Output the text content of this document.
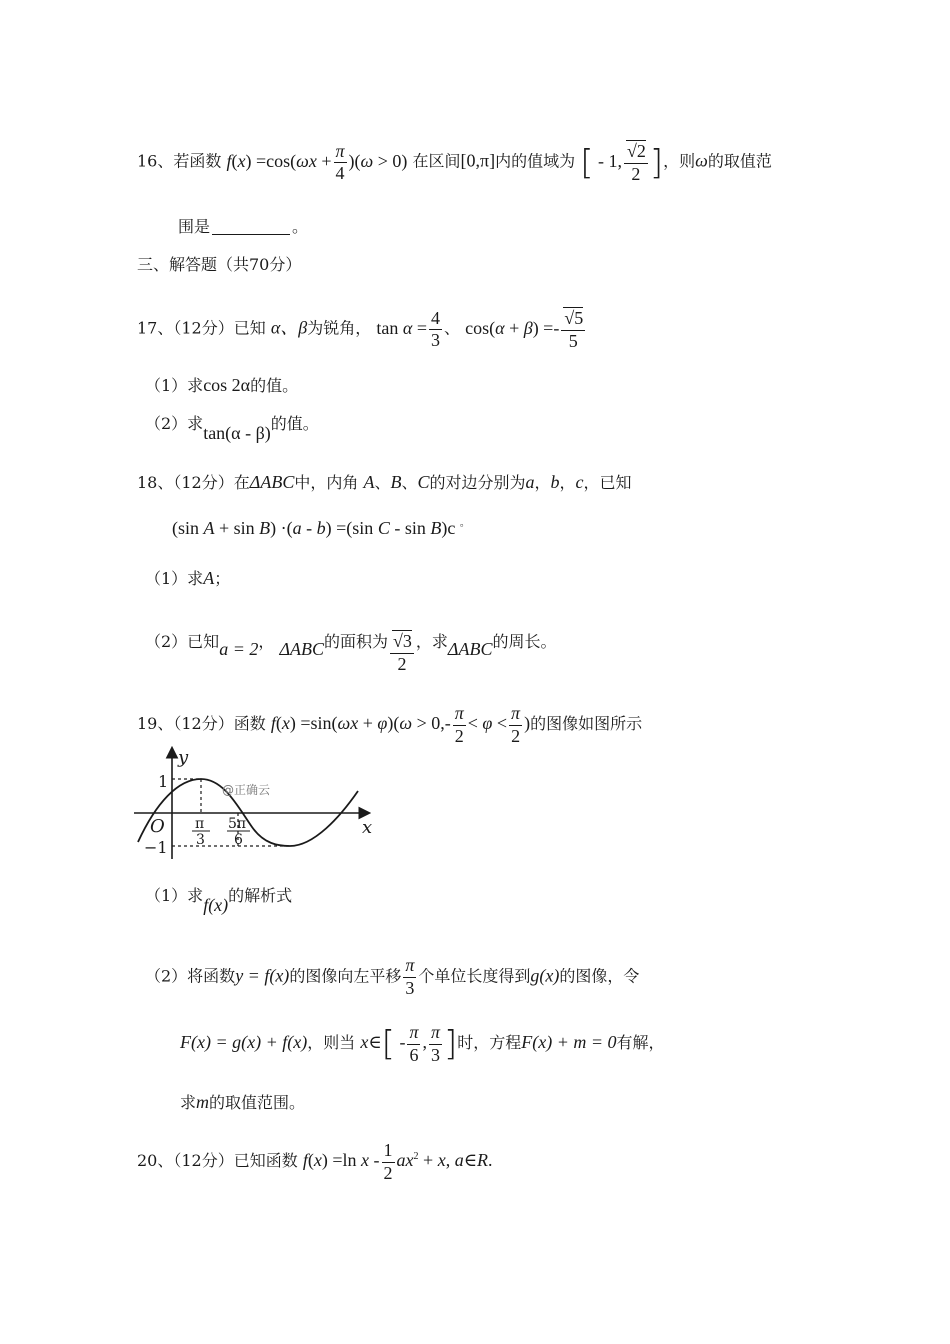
16、若函数 $f(x) =\cos(\omega x + \frac{\pi}{4} )(\omega > 0)$ 在区间[0,π]内的值域为 [ - 1, $\frac{√2}{2}$ ]，则ω的取值范
围是	。
三、解答题（共70分）
17、（12分）已知 α、β为锐角， $\tan \alpha = \frac{4}{3}$ 、 $\cos(\alpha + \beta) =- \frac{√5}{5}$
（1）求cos 2α的值。
（2）求tan(α - β)的值。
18、（12分）在ΔABC中，内角 A、B、C的对边分别为a，b，c，已知
(sin A + sin B) ·(a - b) =(sin C - sin B)c 。
（1）求A；
（2）已知a = 2， ΔABC的面积为 $\frac{√3}{2}$ ，求ΔABC的周长。
19、（12分）函数 $f(x) =\sin(\omega x + \varphi)(\omega > 0,- \frac{\pi}{2} < \varphi < \frac{\pi}{2}$ )的图像如图所示
y
x
O
1
−1
π
3
5π
6
@正确云
（1）求f(x)的解析式
（2）将函数y = f(x)的图像向左平移 $\frac{\pi}{3}$ 个单位长度得到g(x)的图像，令
F(x) = g(x) + f(x)，则当 x∈[ - $\frac{\pi}{6}$ , $\frac{\pi}{3}$ ]时，方程F(x) + m = 0有解，
求m的取值范围。
20、（12分）已知函数 f(x) =ln $x - \frac{1}{2} ax^2 + x$, a∈R.
